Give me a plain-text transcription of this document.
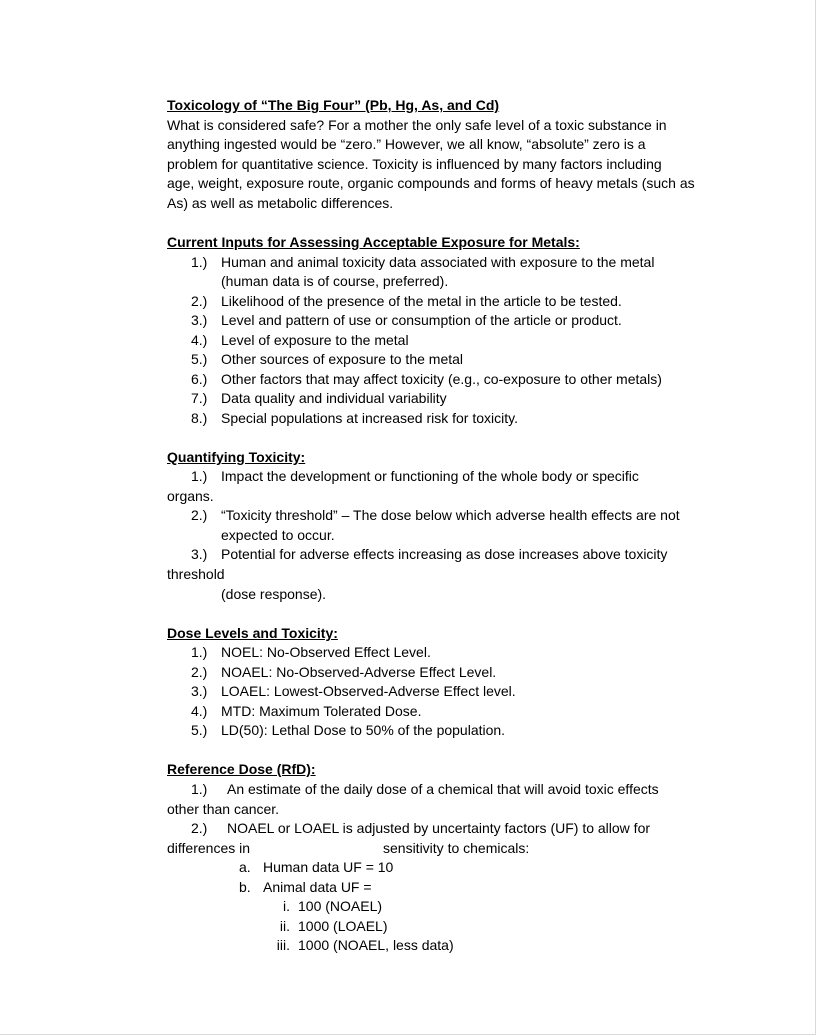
Toxicology of “The Big Four” (Pb, Hg, As, and Cd)
What is considered safe? For a mother the only safe level of a toxic substance in
anything ingested would be “zero.” However, we all know, “absolute” zero is a
problem for quantitative science. Toxicity is influenced by many factors including
age, weight, exposure route, organic compounds and forms of heavy metals (such as
As) as well as metabolic differences.
Current Inputs for Assessing Acceptable Exposure for Metals:
1.) Human and animal toxicity data associated with exposure to the metal
(human data is of course, preferred).
2.) Likelihood of the presence of the metal in the article to be tested.
3.) Level and pattern of use or consumption of the article or product.
4.) Level of exposure to the metal
5.) Other sources of exposure to the metal
6.) Other factors that may affect toxicity (e.g., co-exposure to other metals)
7.) Data quality and individual variability
8.) Special populations at increased risk for toxicity.
Quantifying Toxicity:
1.) Impact the development or functioning of the whole body or specific
organs.
2.) “Toxicity threshold” – The dose below which adverse health effects are not
expected to occur.
3.) Potential for adverse effects increasing as dose increases above toxicity
threshold
(dose response).
Dose Levels and Toxicity:
1.) NOEL: No-Observed Effect Level.
2.) NOAEL: No-Observed-Adverse Effect Level.
3.) LOAEL: Lowest-Observed-Adverse Effect level.
4.) MTD: Maximum Tolerated Dose.
5.) LD(50): Lethal Dose to 50% of the population.
Reference Dose (RfD):
1.) An estimate of the daily dose of a chemical that will avoid toxic effects
other than cancer.
2.) NOAEL or LOAEL is adjusted by uncertainty factors (UF) to allow for
differences in	sensitivity to chemicals:
a. Human data UF = 10
b. Animal data UF =
i. 100 (NOAEL)
ii. 1000 (LOAEL)
iii. 1000 (NOAEL, less data)
